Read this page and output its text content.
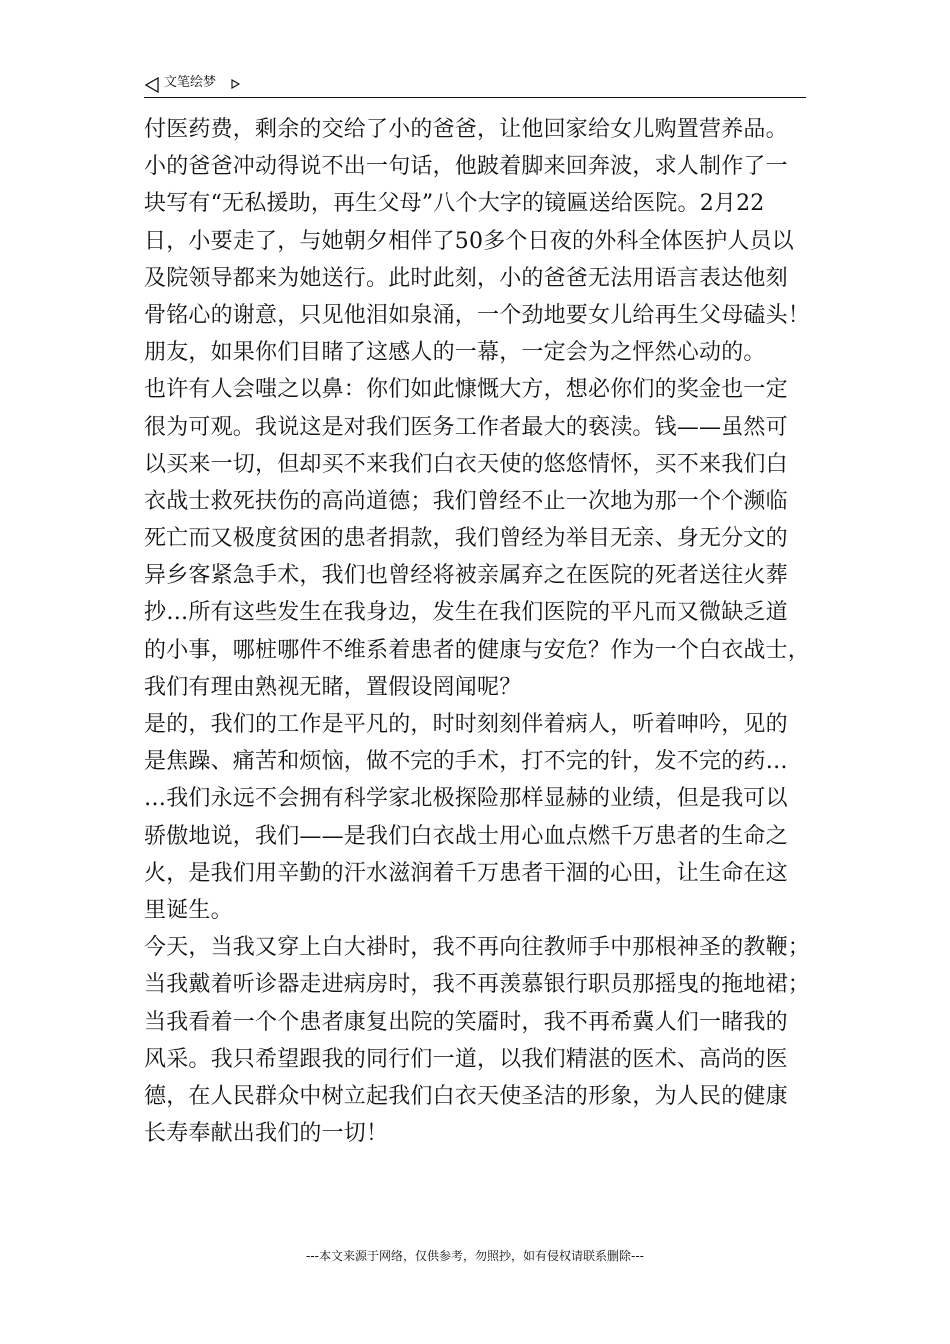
文笔绘梦
付医药费，剩余的交给了小的爸爸，让他回家给女儿购置营养品。
小的爸爸冲动得说不出一句话，他跛着脚来回奔波，求人制作了一
块写有“无私援助，再生父母”八个大字的镜匾送给医院。2月22
日，小要走了，与她朝夕相伴了50多个日夜的外科全体医护人员以
及院领导都来为她送行。此时此刻，小的爸爸无法用语言表达他刻
骨铭心的谢意，只见他泪如泉涌，一个劲地要女儿给再生父母磕头！
朋友，如果你们目睹了这感人的一幕，一定会为之怦然心动的。
也许有人会嗤之以鼻：你们如此慷慨大方，想必你们的奖金也一定
很为可观。我说这是对我们医务工作者最大的亵渎。钱——虽然可
以买来一切，但却买不来我们白衣天使的悠悠情怀，买不来我们白
衣战士救死扶伤的高尚道德；我们曾经不止一次地为那一个个濒临
死亡而又极度贫困的患者捐款，我们曾经为举目无亲、身无分文的
异乡客紧急手术，我们也曾经将被亲属弃之在医院的死者送往火葬
抄…所有这些发生在我身边，发生在我们医院的平凡而又微缺乏道
的小事，哪桩哪件不维系着患者的健康与安危？作为一个白衣战士，
我们有理由熟视无睹，置假设罔闻呢？
是的，我们的工作是平凡的，时时刻刻伴着病人，听着呻吟，见的
是焦躁、痛苦和烦恼，做不完的手术，打不完的针，发不完的药…
…我们永远不会拥有科学家北极探险那样显赫的业绩，但是我可以
骄傲地说，我们——是我们白衣战士用心血点燃千万患者的生命之
火，是我们用辛勤的汗水滋润着千万患者干涸的心田，让生命在这
里诞生。
今天，当我又穿上白大褂时，我不再向往教师手中那根神圣的教鞭；
当我戴着听诊器走进病房时，我不再羡慕银行职员那摇曳的拖地裙；
当我看着一个个患者康复出院的笑靥时，我不再希冀人们一睹我的
风采。我只希望跟我的同行们一道，以我们精湛的医术、高尚的医
德，在人民群众中树立起我们白衣天使圣洁的形象，为人民的健康
长寿奉献出我们的一切！
---本文来源于网络，仅供参考，勿照抄，如有侵权请联系删除---
